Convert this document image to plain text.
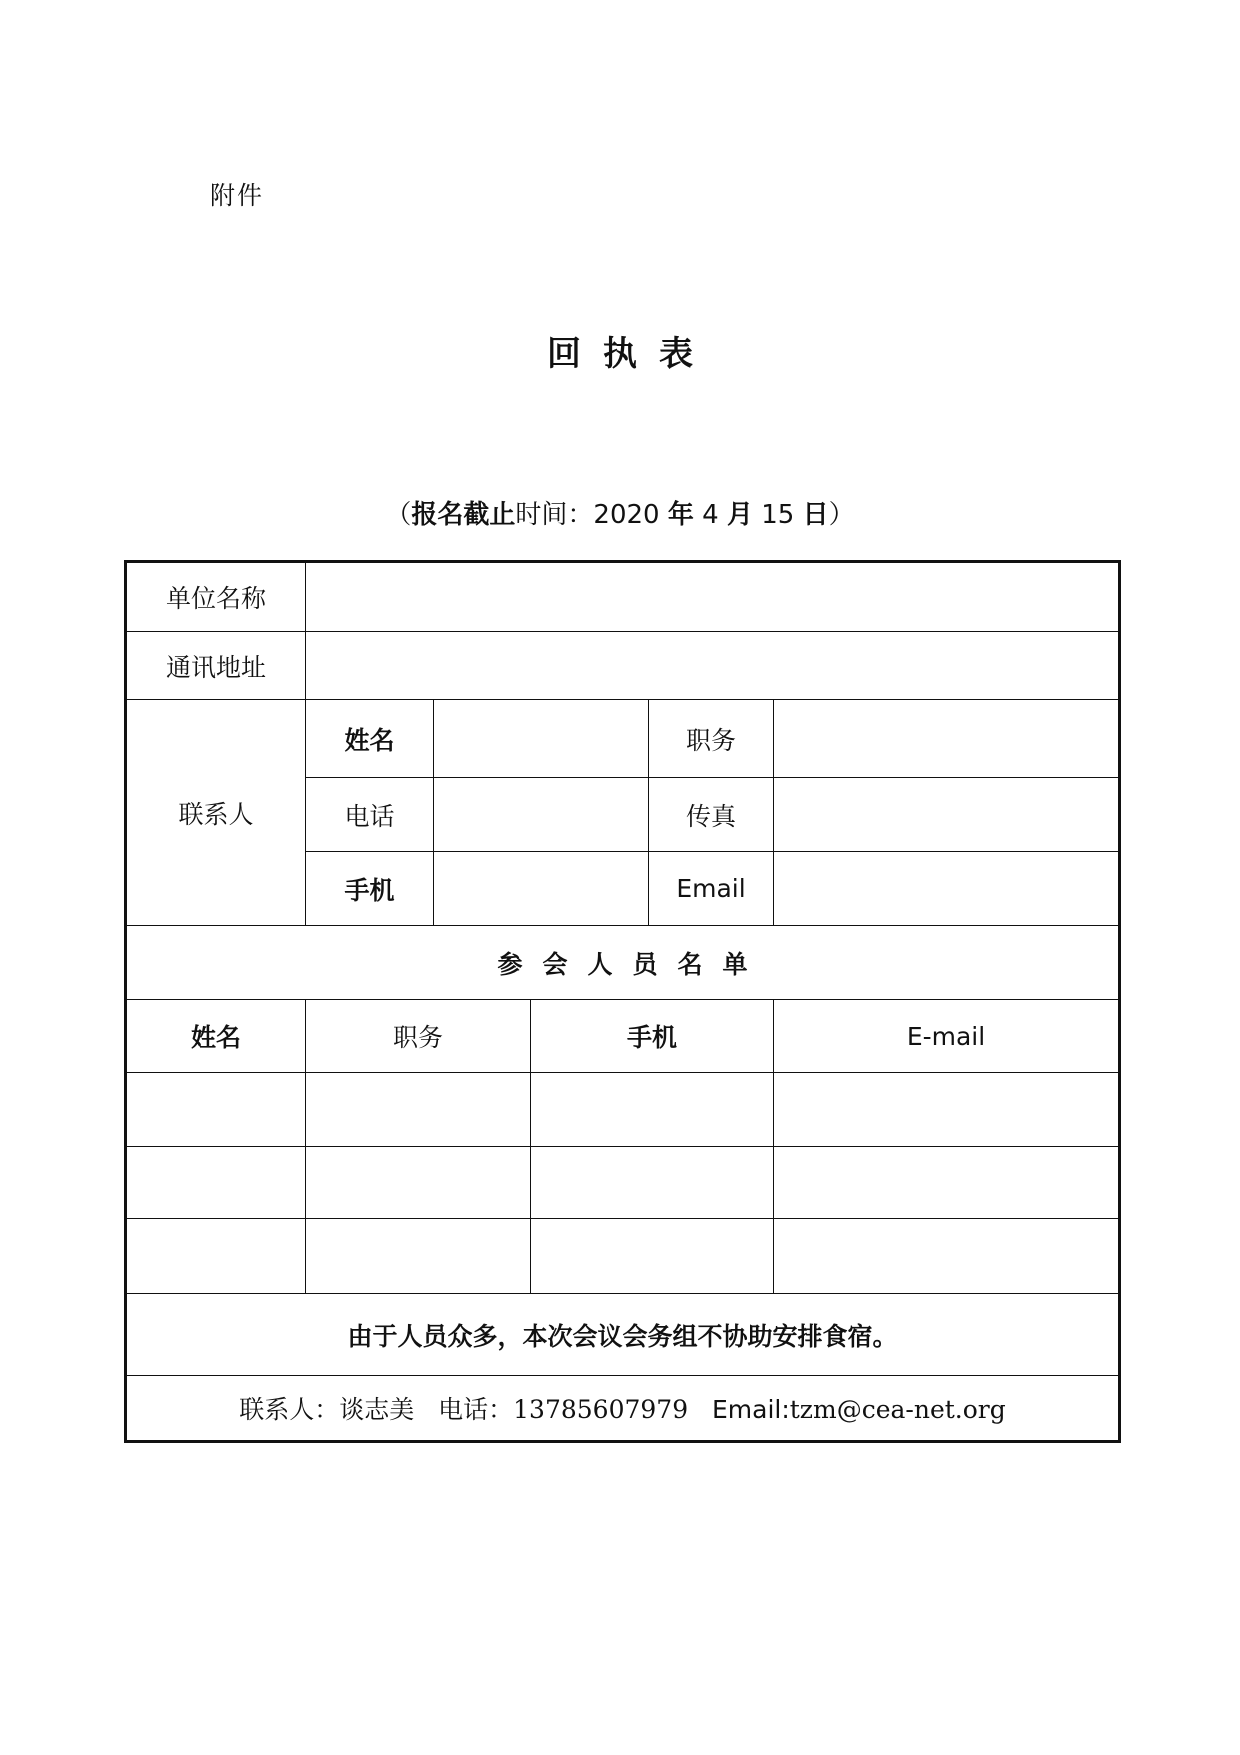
附件
回执表
（报名截止时间：2020 年 4 月 15 日）
单位名称					
通讯地址					
联系人	姓名			职务	
	电话			传真	
	手机			Email	
参会人员名单					
姓名	职务		手机		E-mail

由于人员众多，本次会议会务组不协助安排食宿。					
联系人：谈志美 电话：13785607979 Email:tzm@cea-net.org					
